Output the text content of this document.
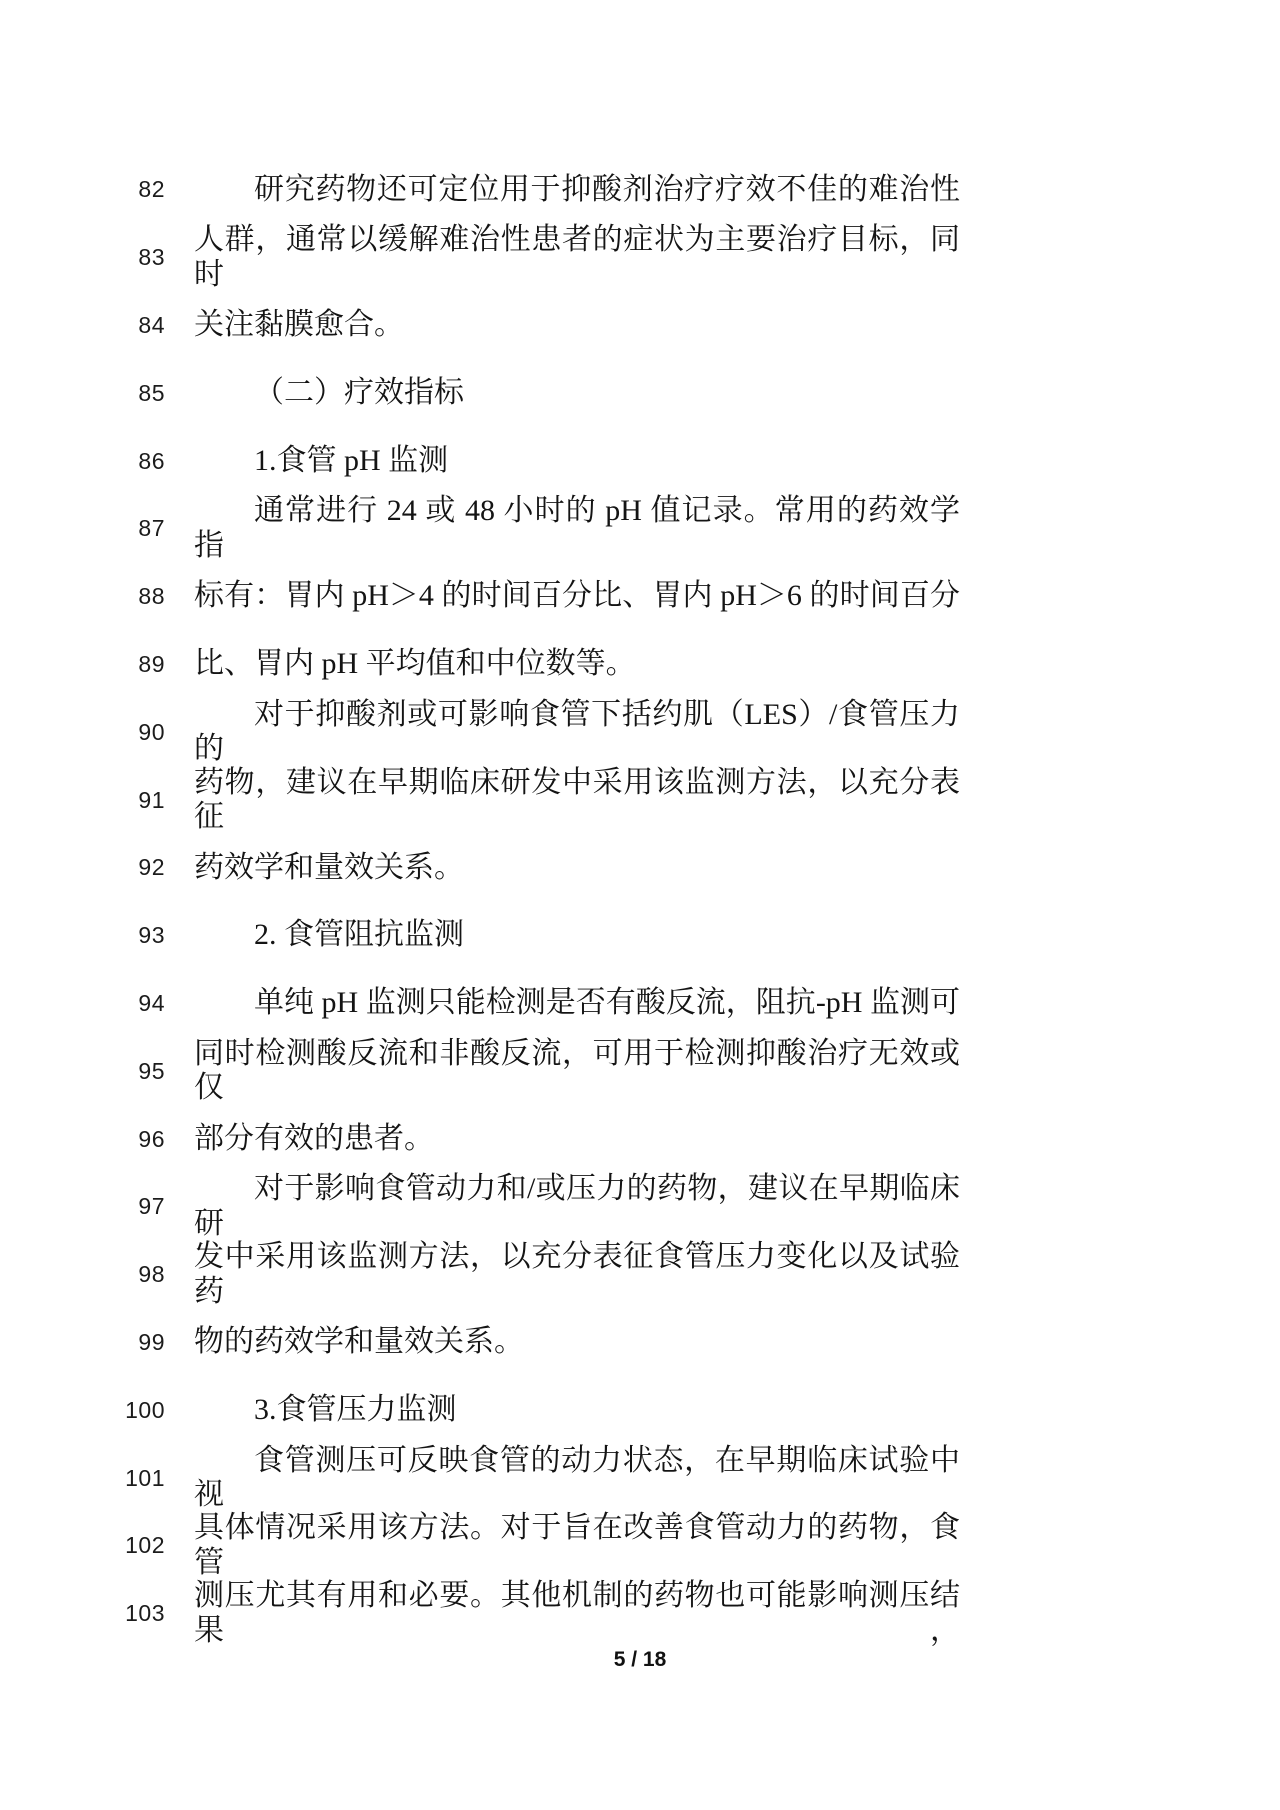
82	研究药物还可定位用于抑酸剂治疗疗效不佳的难治性
83
人群，通常以缓解难治性患者的症状为主要治疗目标，同时
84 关注黏膜愈合。
85	（二）疗效指标
86	1.食管 pH 监测
87
通常进行 24 或 48 小时的 pH 值记录。常用的药效学指
88 标有：胃内 pH＞4 的时间百分比、胃内 pH＞6 的时间百分
89 比、胃内 pH 平均值和中位数等。
90
对于抑酸剂或可影响食管下括约肌（LES）/食管压力的
91
药物，建议在早期临床研发中采用该监测方法，以充分表征
92 药效学和量效关系。
93	2. 食管阻抗监测
94	单纯 pH 监测只能检测是否有酸反流，阻抗-pH 监测可
95
同时检测酸反流和非酸反流，可用于检测抑酸治疗无效或仅
96 部分有效的患者。
97
对于影响食管动力和/或压力的药物，建议在早期临床研
98
发中采用该监测方法，以充分表征食管压力变化以及试验药
99 物的药效学和量效关系。
100	3.食管压力监测
101
食管测压可反映食管的动力状态，在早期临床试验中视
102
具体情况采用该方法。对于旨在改善食管动力的药物，食管
103
测压尤其有用和必要。其他机制的药物也可能影响测压结果，
5 / 18
